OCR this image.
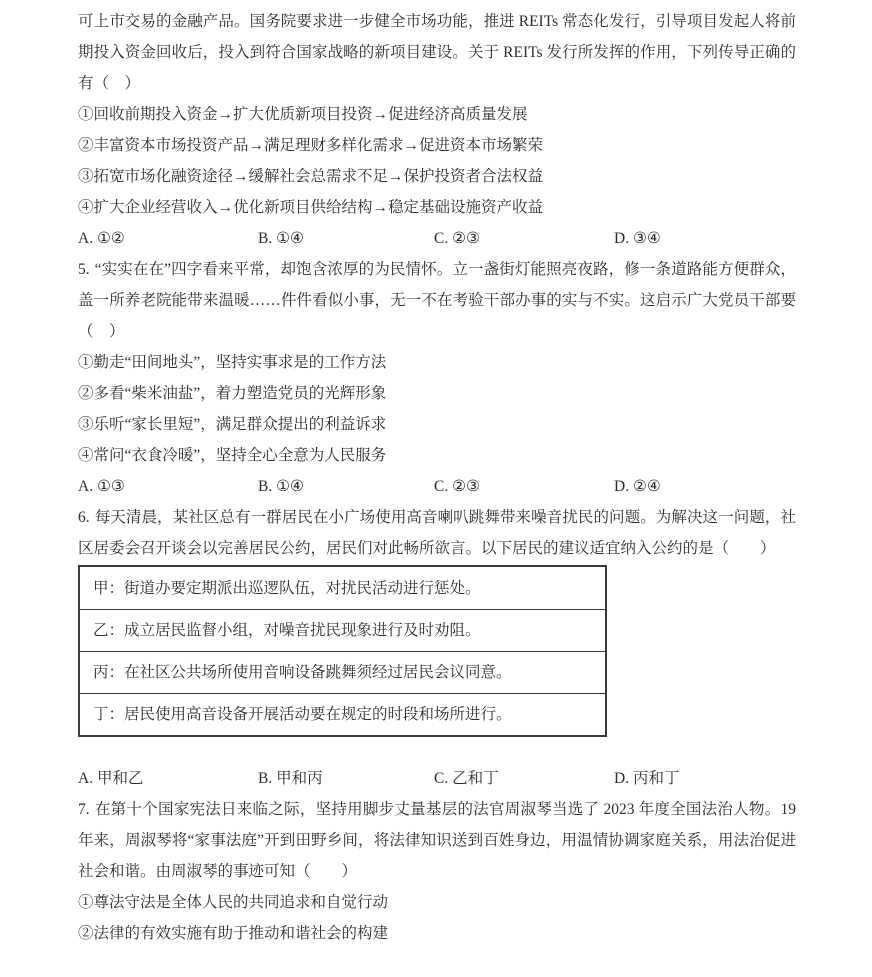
可上市交易的金融产品。国务院要求进一步健全市场功能，推进 REITs 常态化发行，引导项目发起人将前期投入资金回收后，投入到符合国家战略的新项目建设。关于 REITs 发行所发挥的作用，下列传导正确的有（　）

①回收前期投入资金→扩大优质新项目投资→促进经济高质量发展

②丰富资本市场投资产品→满足理财多样化需求→促进资本市场繁荣

③拓宽市场化融资途径→缓解社会总需求不足→保护投资者合法权益

④扩大企业经营收入→优化新项目供给结构→稳定基础设施资产收益

A. ①②	B. ①④	C. ②③	D. ③④

5. “实实在在”四字看来平常，却饱含浓厚的为民情怀。立一盏街灯能照亮夜路，修一条道路能方便群众，盖一所养老院能带来温暖……件件看似小事，无一不在考验干部办事的实与不实。这启示广大党员干部要（　）

①勤走“田间地头”，坚持实事求是的工作方法

②多看“柴米油盐”，着力塑造党员的光辉形象

③乐听“家长里短”，满足群众提出的利益诉求

④常问“衣食冷暖”，坚持全心全意为人民服务

A. ①③	B. ①④	C. ②③	D. ②④

6. 每天清晨，某社区总有一群居民在小广场使用高音喇叭跳舞带来噪音扰民的问题。为解决这一问题，社区居委会召开谈会以完善居民公约，居民们对此畅所欲言。以下居民的建议适宜纳入公约的是（　　）

甲：街道办要定期派出巡逻队伍，对扰民活动进行惩处。
乙：成立居民监督小组，对噪音扰民现象进行及时劝阻。
丙：在社区公共场所使用音响设备跳舞须经过居民会议同意。
丁：居民使用高音设备开展活动要在规定的时段和场所进行。
A. 甲和乙	B. 甲和丙	C. 乙和丁	D. 丙和丁

7. 在第十个国家宪法日来临之际，坚持用脚步丈量基层的法官周淑琴当选了 2023 年度全国法治人物。19 年来，周淑琴将“家事法庭”开到田野乡间，将法律知识送到百姓身边，用温情协调家庭关系，用法治促进社会和谐。由周淑琴的事迹可知（　　）

①尊法守法是全体人民的共同追求和自觉行动

②法律的有效实施有助于推动和谐社会的构建
